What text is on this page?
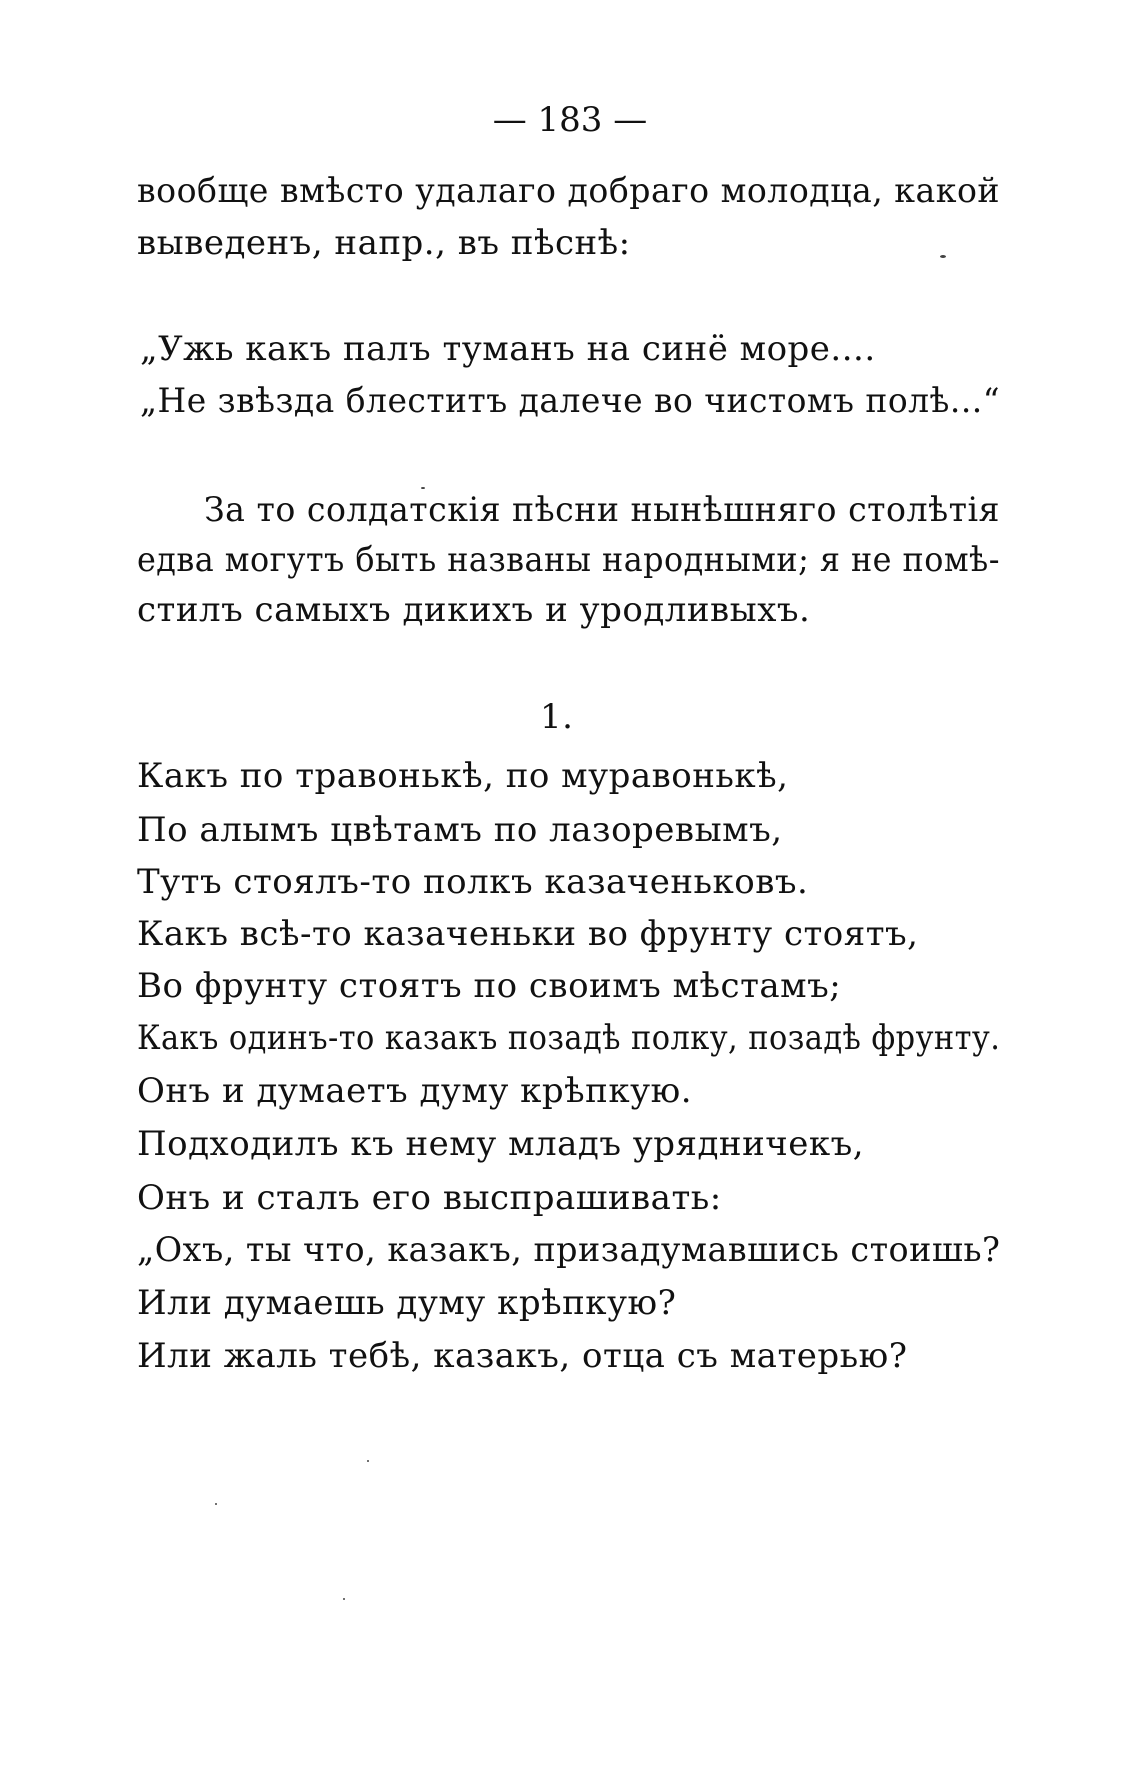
— 183 —
вообще вмѣсто удалаго добраго молодца, какой
выведенъ, напр., въ пѣснѣ:
„Ужь какъ палъ туманъ на синё море....
„Не звѣзда блеститъ далече во чистомъ полѣ...“
За то солдатскія пѣсни нынѣшняго столѣтія
едва могутъ быть названы народными; я не помѣ-
стилъ самыхъ дикихъ и уродливыхъ.
1.
Какъ по травонькѣ, по муравонькѣ,
По алымъ цвѣтамъ по лазоревымъ,
Тутъ стоялъ-то полкъ казаченьковъ.
Какъ всѣ-то казаченьки во фрунту стоятъ,
Во фрунту стоятъ по своимъ мѣстамъ;
Какъ одинъ-то казакъ позадѣ полку, позадѣ фрунту.
Онъ и думаетъ думу крѣпкую.
Подходилъ къ нему младъ урядничекъ,
Онъ и сталъ его выспрашивать:
„Охъ, ты что, казакъ, призадумавшись стоишь?
Или думаешь думу крѣпкую?
Или жаль тебѣ, казакъ, отца съ матерью?
